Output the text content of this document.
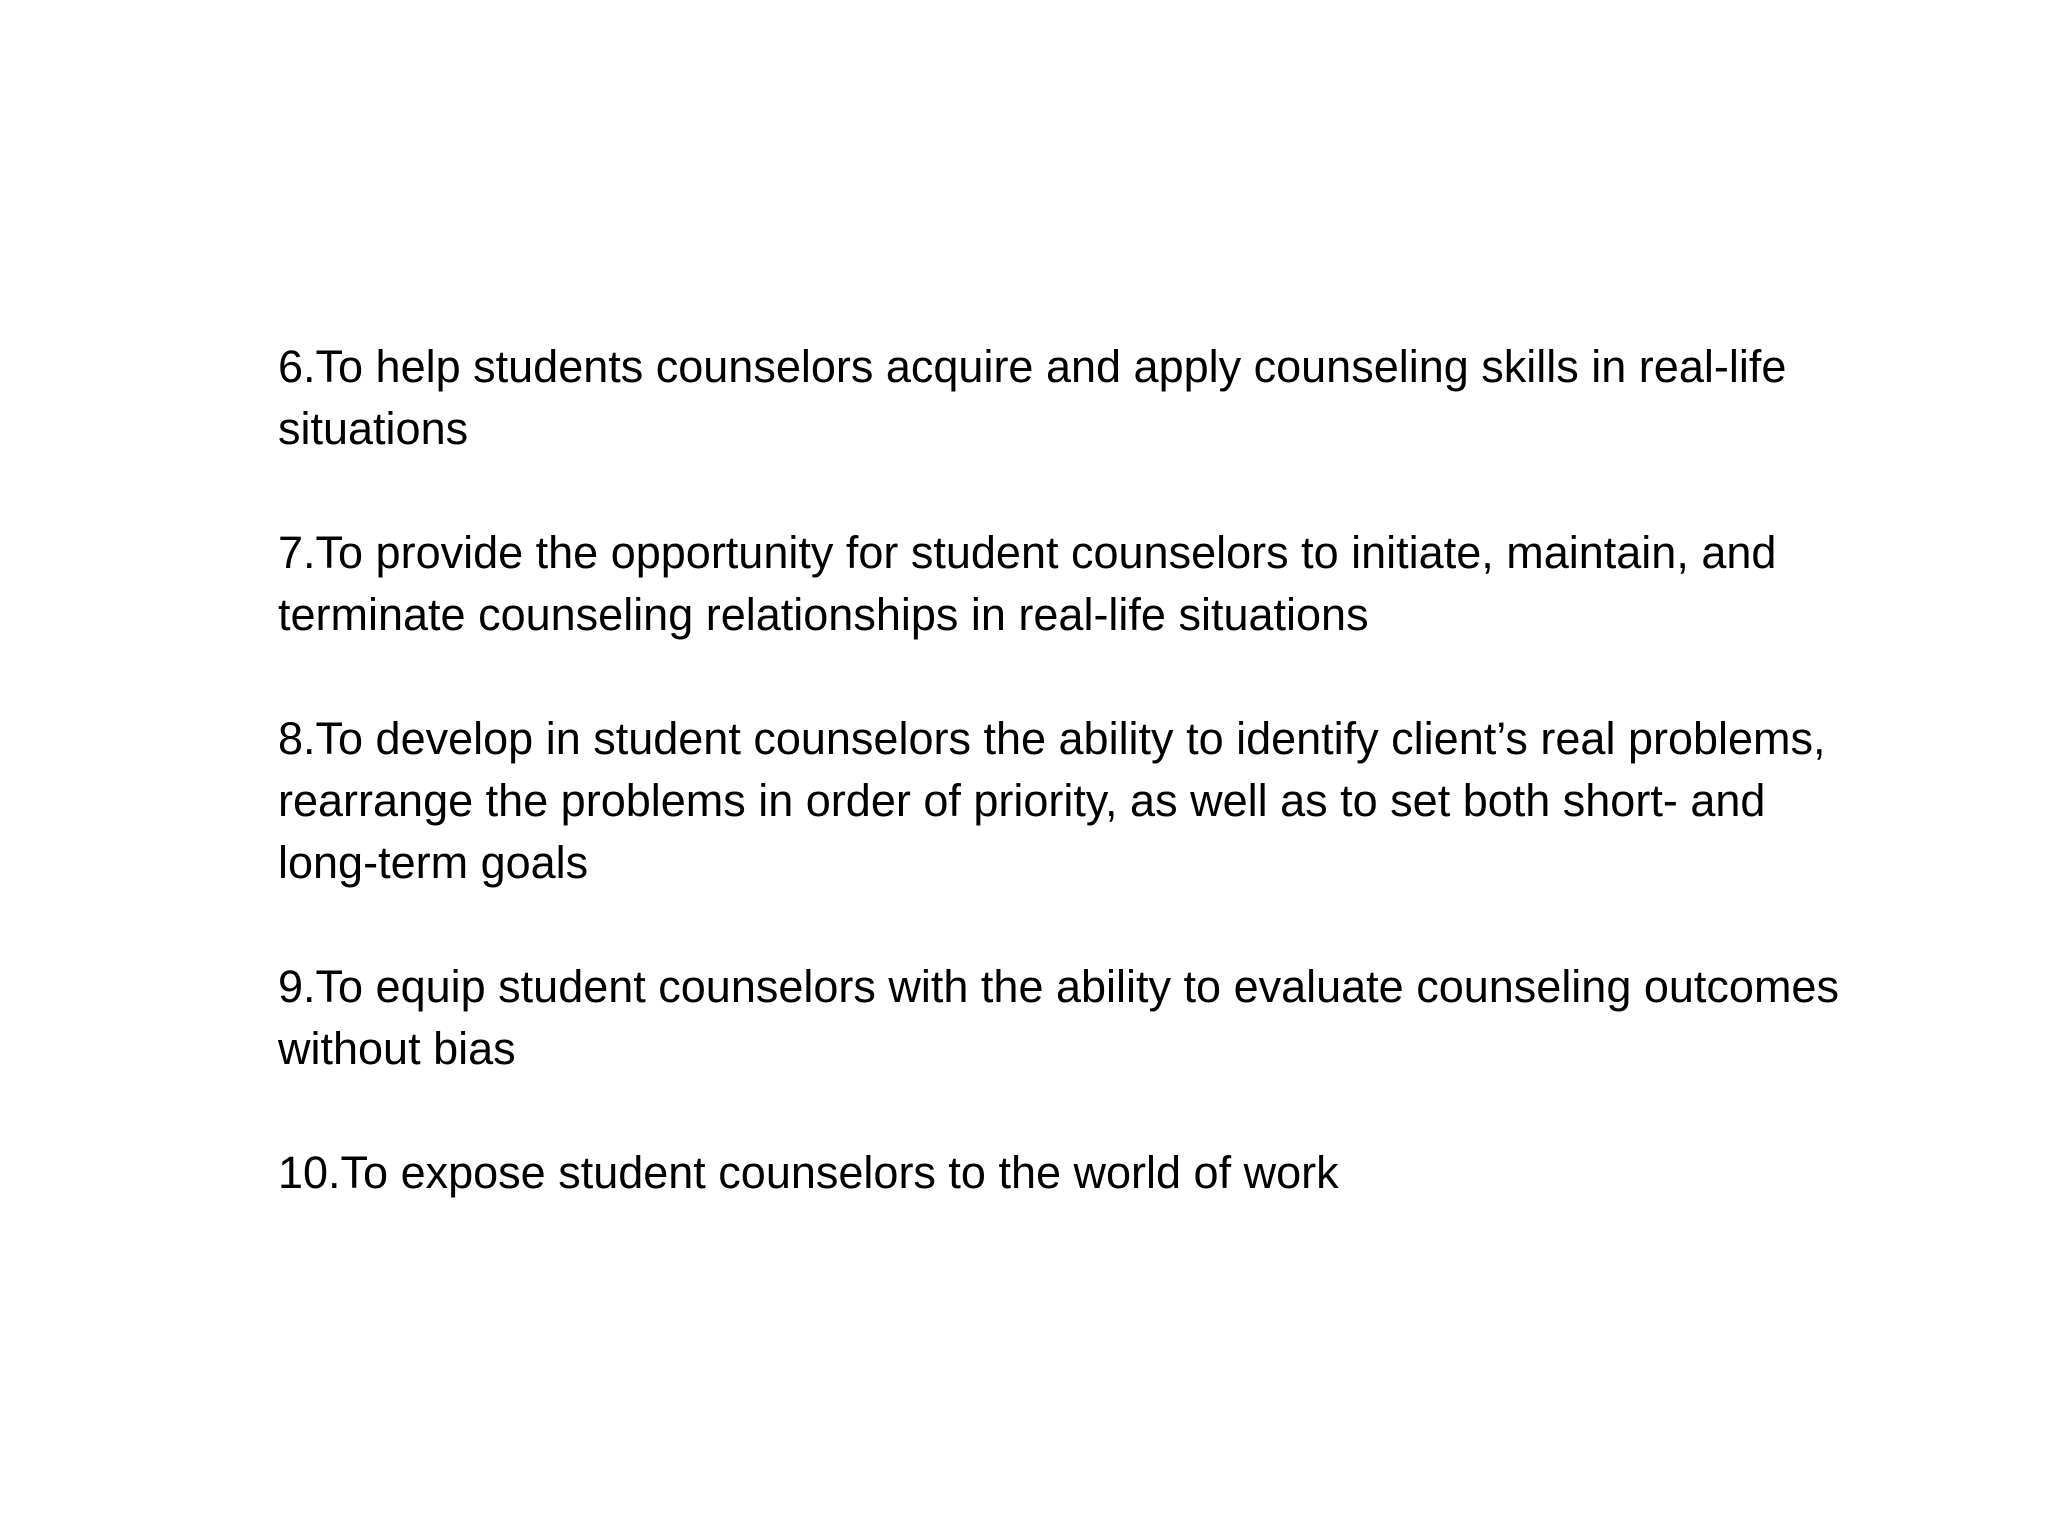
6.To help students counselors acquire and apply counseling skills in real-life situations

7.To provide the opportunity for student counselors to initiate, maintain, and terminate counseling relationships in real-life situations

8.To develop in student counselors the ability to identify client’s real problems, rearrange the problems in order of priority, as well as to set both short- and long-term goals

9.To equip student counselors with the ability to evaluate counseling outcomes without bias

10.To expose student counselors to the world of work
